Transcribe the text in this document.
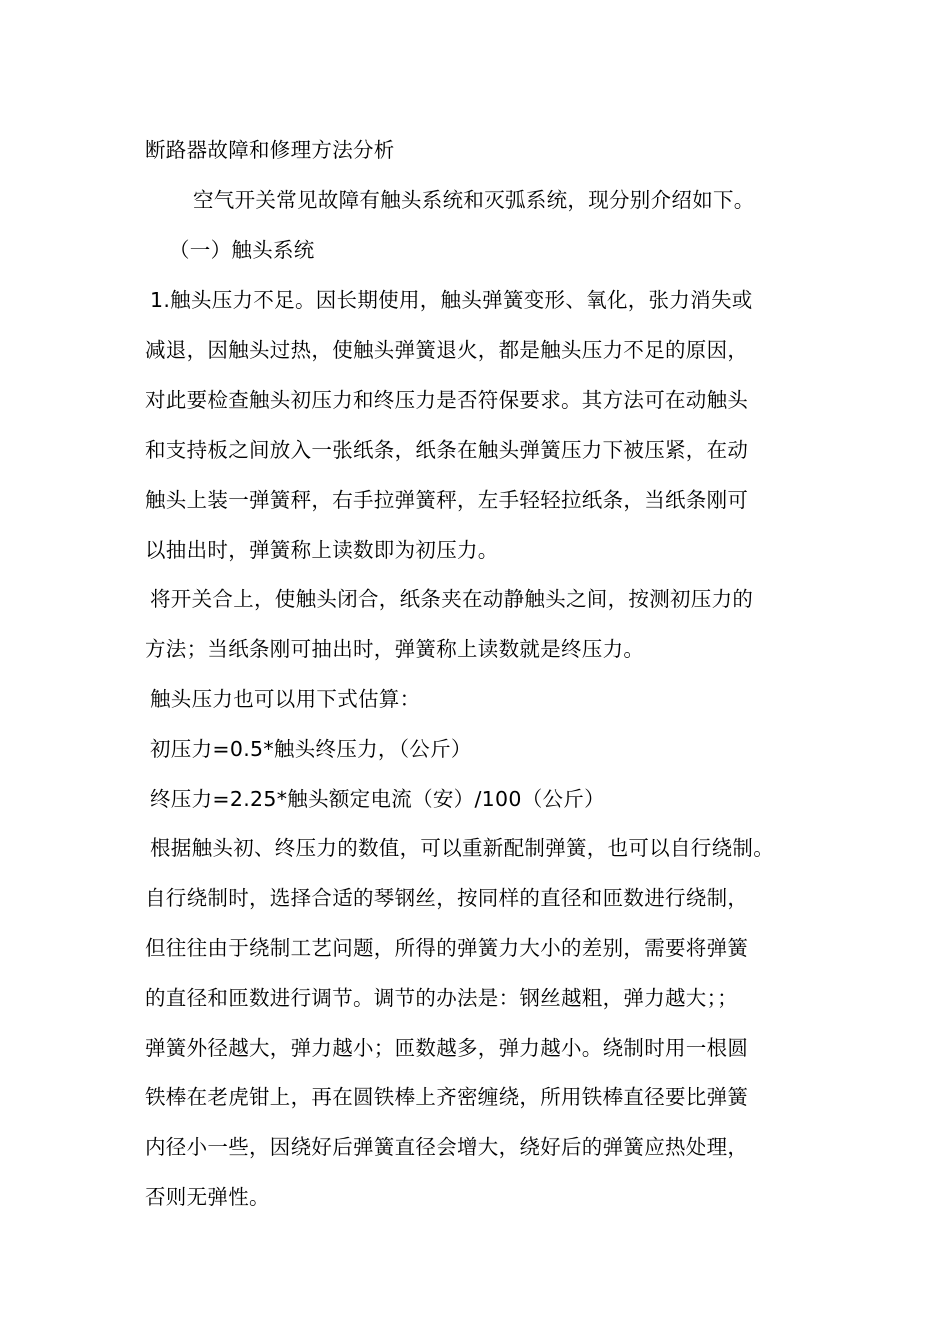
断路器故障和修理方法分析
空气开关常见故障有触头系统和灭弧系统，现分别介绍如下。
（一）触头系统
1.触头压力不足。因长期使用，触头弹簧变形、氧化，张力消失或
减退，因触头过热，使触头弹簧退火，都是触头压力不足的原因，
对此要检查触头初压力和终压力是否符保要求。其方法可在动触头
和支持板之间放入一张纸条，纸条在触头弹簧压力下被压紧，在动
触头上装一弹簧秤，右手拉弹簧秤，左手轻轻拉纸条，当纸条刚可
以抽出时，弹簧称上读数即为初压力。
将开关合上，使触头闭合，纸条夹在动静触头之间，按测初压力的
方法；当纸条刚可抽出时，弹簧称上读数就是终压力。
触头压力也可以用下式估算：
初压力=0.5*触头终压力，（公斤）
终压力=2.25*触头额定电流（安）/100（公斤）
根据触头初、终压力的数值，可以重新配制弹簧，也可以自行绕制。
自行绕制时，选择合适的琴钢丝，按同样的直径和匝数进行绕制，
但往往由于绕制工艺问题，所得的弹簧力大小的差别，需要将弹簧
的直径和匝数进行调节。调节的办法是：钢丝越粗，弹力越大；；
弹簧外径越大，弹力越小；匝数越多，弹力越小。绕制时用一根圆
铁棒在老虎钳上，再在圆铁棒上齐密缠绕，所用铁棒直径要比弹簧
内径小一些，因绕好后弹簧直径会增大，绕好后的弹簧应热处理，
否则无弹性。
